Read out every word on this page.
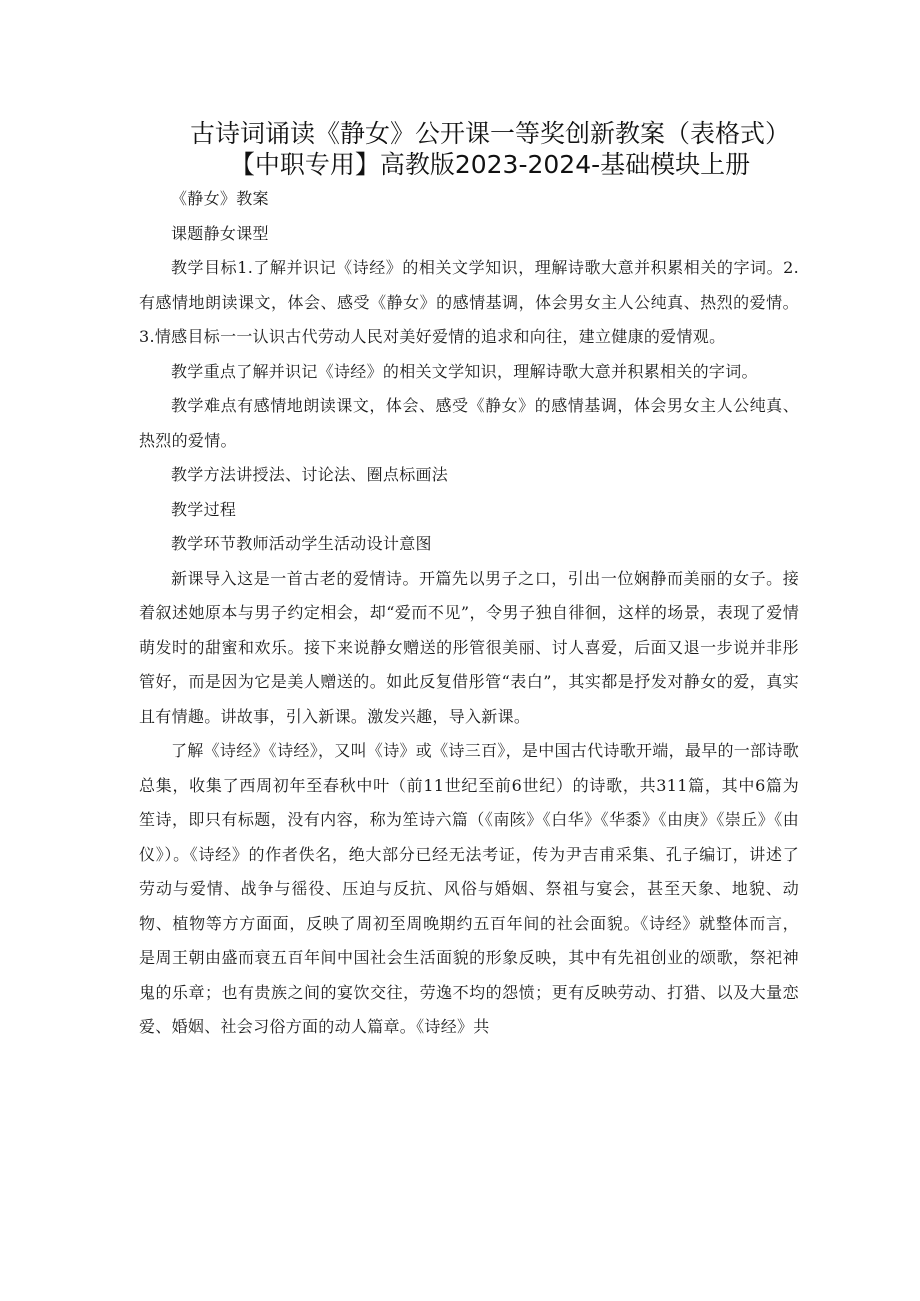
古诗词诵读《静女》公开课一等奖创新教案（表格式）
【中职专用】高教版2023-2024-基础模块上册

《静女》教案

课题静女课型

教学目标1.了解并识记《诗经》的相关文学知识，理解诗歌大意并积累相关的字词。2.有感情地朗读课文，体会、感受《静女》的感情基调，体会男女主人公纯真、热烈的爱情。3.情感目标一一认识古代劳动人民对美好爱情的追求和向往，建立健康的爱情观。

教学重点了解并识记《诗经》的相关文学知识，理解诗歌大意并积累相关的字词。

教学难点有感情地朗读课文，体会、感受《静女》的感情基调，体会男女主人公纯真、热烈的爱情。

教学方法讲授法、讨论法、圈点标画法

教学过程

教学环节教师活动学生活动设计意图

新课导入这是一首古老的爱情诗。开篇先以男子之口，引出一位娴静而美丽的女子。接着叙述她原本与男子约定相会，却“爱而不见”，令男子独自徘徊，这样的场景，表现了爱情萌发时的甜蜜和欢乐。接下来说静女赠送的彤管很美丽、讨人喜爱，后面又退一步说并非彤管好，而是因为它是美人赠送的。如此反复借彤管“表白”，其实都是抒发对静女的爱，真实且有情趣。讲故事，引入新课。激发兴趣，导入新课。

了解《诗经》《诗经》，又叫《诗》或《诗三百》，是中国古代诗歌开端，最早的一部诗歌总集，收集了西周初年至春秋中叶（前11世纪至前6世纪）的诗歌，共311篇，其中6篇为笙诗，即只有标题，没有内容，称为笙诗六篇（《南陔》《白华》《华黍》《由庚》《崇丘》《由仪》）。《诗经》的作者佚名，绝大部分已经无法考证，传为尹吉甫采集、孔子编订，讲述了劳动与爱情、战争与徭役、压迫与反抗、风俗与婚姻、祭祖与宴会，甚至天象、地貌、动物、植物等方方面面，反映了周初至周晚期约五百年间的社会面貌。《诗经》就整体而言，是周王朝由盛而衰五百年间中国社会生活面貌的形象反映，其中有先祖创业的颂歌，祭祀神鬼的乐章；也有贵族之间的宴饮交往，劳逸不均的怨愤；更有反映劳动、打猎、以及大量恋爱、婚姻、社会习俗方面的动人篇章。《诗经》共
